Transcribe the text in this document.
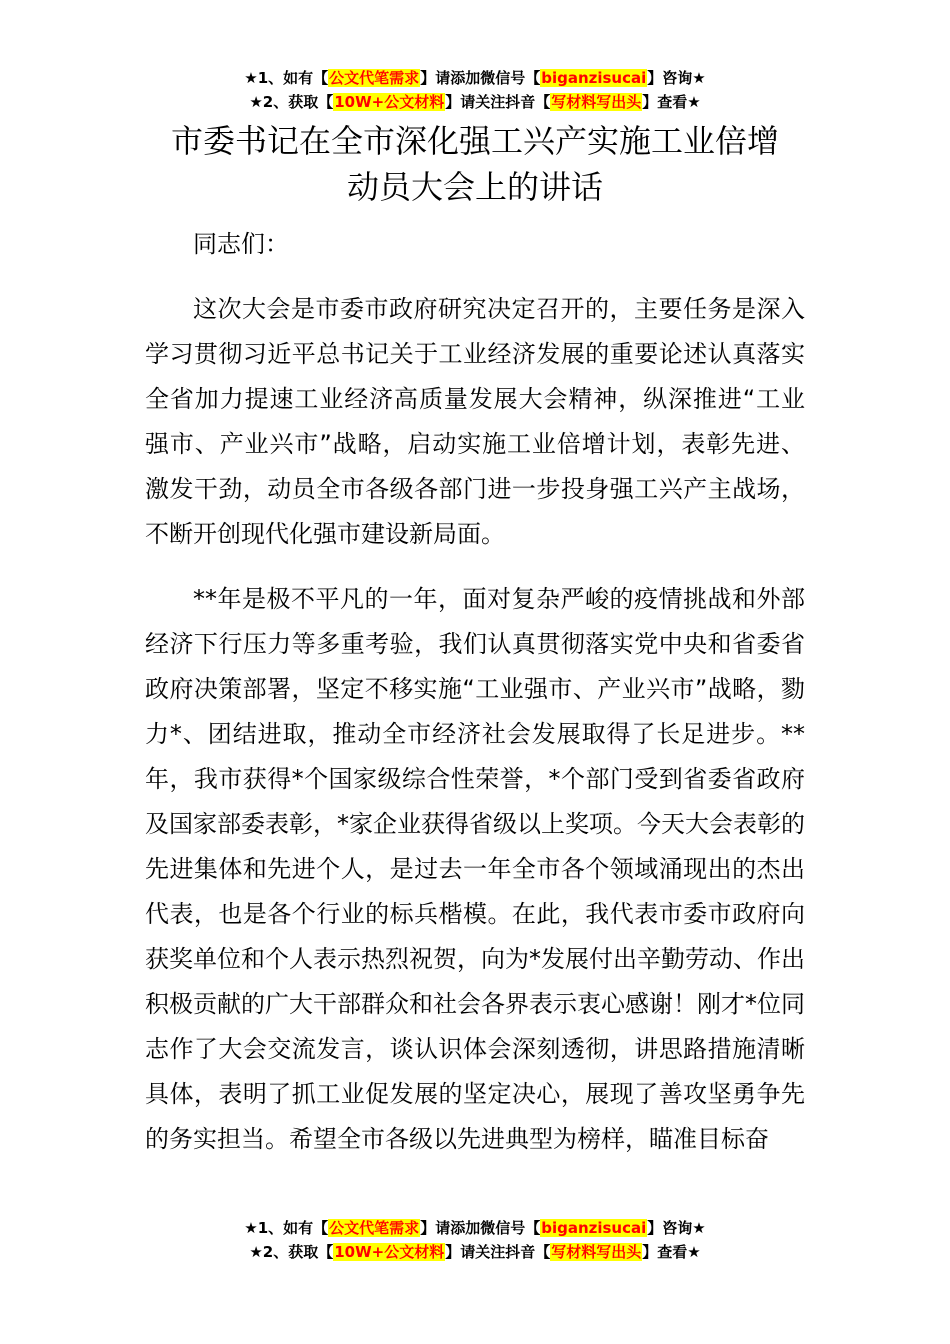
★1、如有【公文代笔需求】请添加微信号【biganzisucai】咨询★
★2、获取【10W+公文材料】请关注抖音【写材料写出头】查看★
市委书记在全市深化强工兴产实施工业倍增
动员大会上的讲话

同志们：

这次大会是市委市政府研究决定召开的，主要任务是深入学习贯彻习近平总书记关于工业经济发展的重要论述认真落实全省加力提速工业经济高质量发展大会精神，纵深推进“工业强市、产业兴市”战略，启动实施工业倍增计划，表彰先进、激发干劲，动员全市各级各部门进一步投身强工兴产主战场，不断开创现代化强市建设新局面。

**年是极不平凡的一年，面对复杂严峻的疫情挑战和外部经济下行压力等多重考验，我们认真贯彻落实党中央和省委省政府决策部署，坚定不移实施“工业强市、产业兴市”战略，勠力*、团结进取，推动全市经济社会发展取得了长足进步。**年，我市获得*个国家级综合性荣誉，*个部门受到省委省政府及国家部委表彰，*家企业获得省级以上奖项。今天大会表彰的先进集体和先进个人，是过去一年全市各个领域涌现出的杰出代表，也是各个行业的标兵楷模。在此，我代表市委市政府向获奖单位和个人表示热烈祝贺，向为*发展付出辛勤劳动、作出积极贡献的广大干部群众和社会各界表示衷心感谢！刚才*位同志作了大会交流发言，谈认识体会深刻透彻，讲思路措施清晰具体，表明了抓工业促发展的坚定决心，展现了善攻坚勇争先的务实担当。希望全市各级以先进典型为榜样，瞄准目标奋

★1、如有【公文代笔需求】请添加微信号【biganzisucai】咨询★
★2、获取【10W+公文材料】请关注抖音【写材料写出头】查看★
